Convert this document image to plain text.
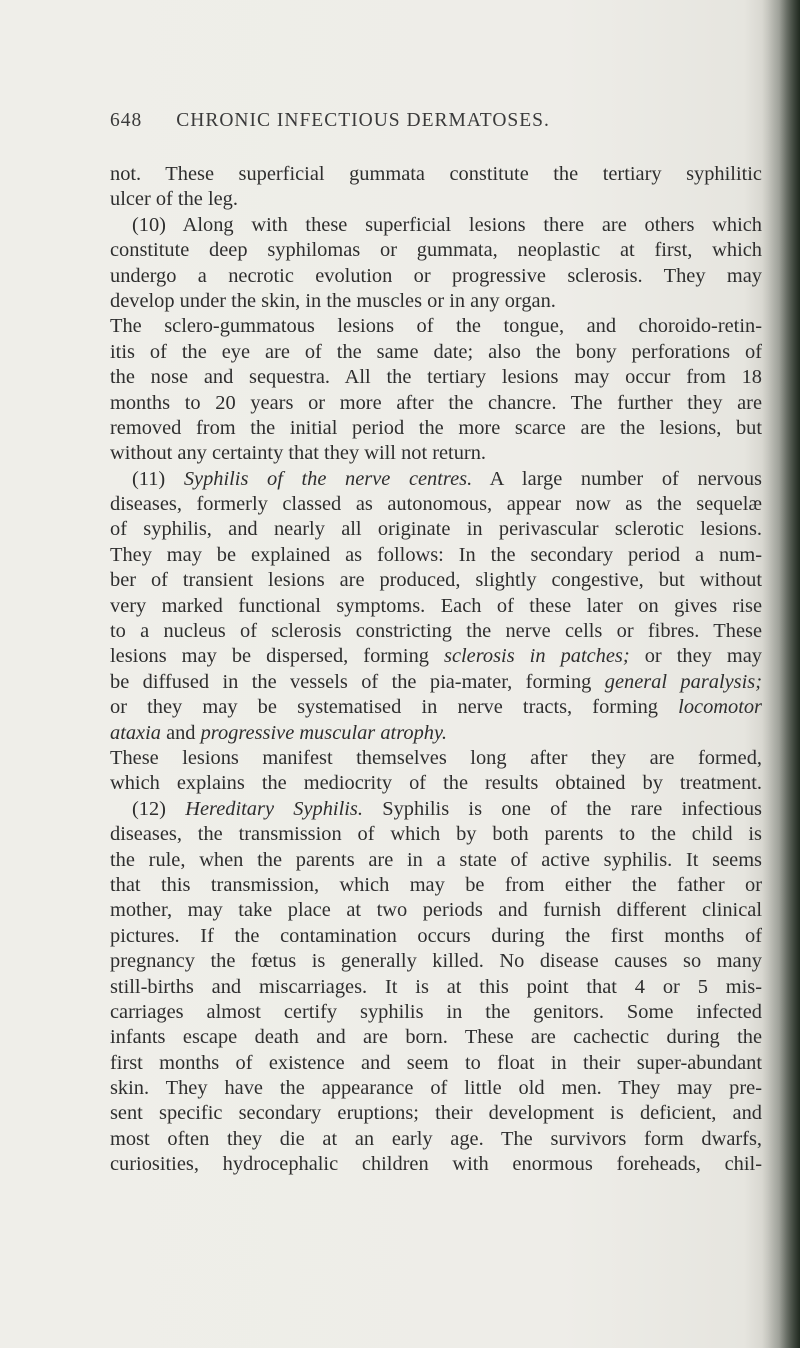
648 CHRONIC INFECTIOUS DERMATOSES.
not. These superficial gummata constitute the tertiary syphilitic
ulcer of the leg.
(10) Along with these superficial lesions there are others which
constitute deep syphilomas or gummata, neoplastic at first, which
undergo a necrotic evolution or progressive sclerosis. They may
develop under the skin, in the muscles or in any organ.
The sclero-gummatous lesions of the tongue, and choroido-retin-
itis of the eye are of the same date; also the bony perforations of
the nose and sequestra. All the tertiary lesions may occur from 18
months to 20 years or more after the chancre. The further they are
removed from the initial period the more scarce are the lesions, but
without any certainty that they will not return.
(11) Syphilis of the nerve centres. A large number of nervous
diseases, formerly classed as autonomous, appear now as the sequelæ
of syphilis, and nearly all originate in perivascular sclerotic lesions.
They may be explained as follows: In the secondary period a num-
ber of transient lesions are produced, slightly congestive, but without
very marked functional symptoms. Each of these later on gives rise
to a nucleus of sclerosis constricting the nerve cells or fibres. These
lesions may be dispersed, forming sclerosis in patches; or they may
be diffused in the vessels of the pia-mater, forming general paralysis;
or they may be systematised in nerve tracts, forming locomotor
ataxia and progressive muscular atrophy.
These lesions manifest themselves long after they are formed,
which explains the mediocrity of the results obtained by treatment.
(12) Hereditary Syphilis. Syphilis is one of the rare infectious
diseases, the transmission of which by both parents to the child is
the rule, when the parents are in a state of active syphilis. It seems
that this transmission, which may be from either the father or
mother, may take place at two periods and furnish different clinical
pictures. If the contamination occurs during the first months of
pregnancy the fœtus is generally killed. No disease causes so many
still-births and miscarriages. It is at this point that 4 or 5 mis-
carriages almost certify syphilis in the genitors. Some infected
infants escape death and are born. These are cachectic during the
first months of existence and seem to float in their super-abundant
skin. They have the appearance of little old men. They may pre-
sent specific secondary eruptions; their development is deficient, and
most often they die at an early age. The survivors form dwarfs,
curiosities, hydrocephalic children with enormous foreheads, chil-
